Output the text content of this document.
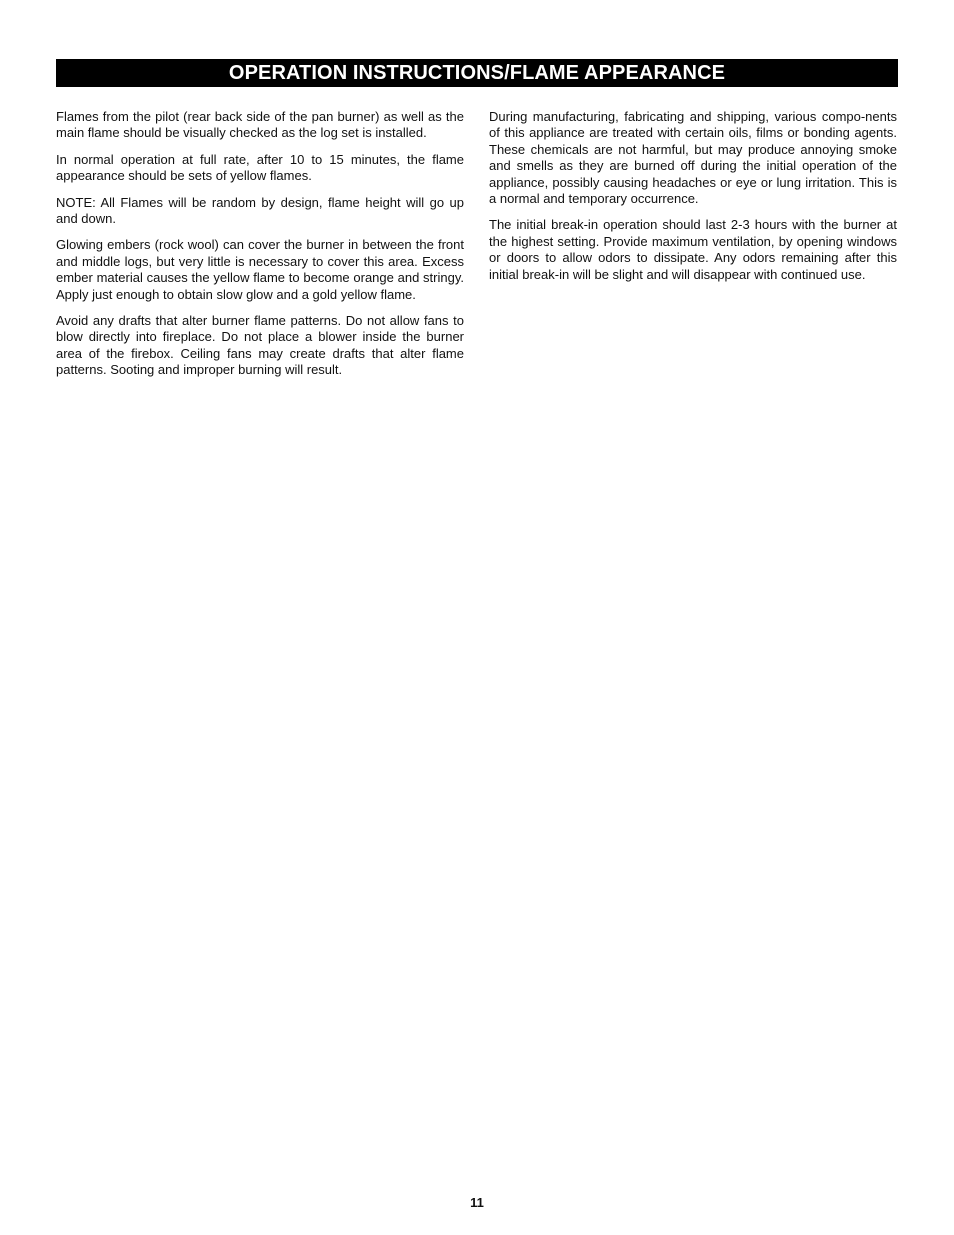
OPERATION INSTRUCTIONS/FLAME APPEARANCE

Flames from the pilot (rear back side of the pan burner) as well as the main flame should be visually checked as the log set is installed.

In normal operation at full rate, after 10 to 15 minutes, the flame appearance should be sets of yellow flames.

NOTE: All Flames will be random by design, flame height will go up and down.

Glowing embers (rock wool) can cover the burner in between the front and middle logs, but very little is necessary to cover this area. Excess ember material causes the yellow flame to become orange and stringy. Apply just enough to obtain slow glow and a gold yellow flame.

Avoid any drafts that alter burner flame patterns. Do not allow fans to blow directly into fireplace. Do not place a blower inside the burner area of the firebox. Ceiling fans may create drafts that alter flame patterns. Sooting and improper burning will result.

During manufacturing, fabricating and shipping, various compo-nents of this appliance are treated with certain oils, films or bonding agents. These chemicals are not harmful, but may produce annoying smoke and smells as they are burned off during the initial operation of the appliance, possibly causing headaches or eye or lung irritation. This is a normal and temporary occurrence.

The initial break-in operation should last 2-3 hours with the burner at the highest setting. Provide maximum ventilation, by opening windows or doors to allow odors to dissipate. Any odors remaining after this initial break-in will be slight and will disappear with continued use.

11
